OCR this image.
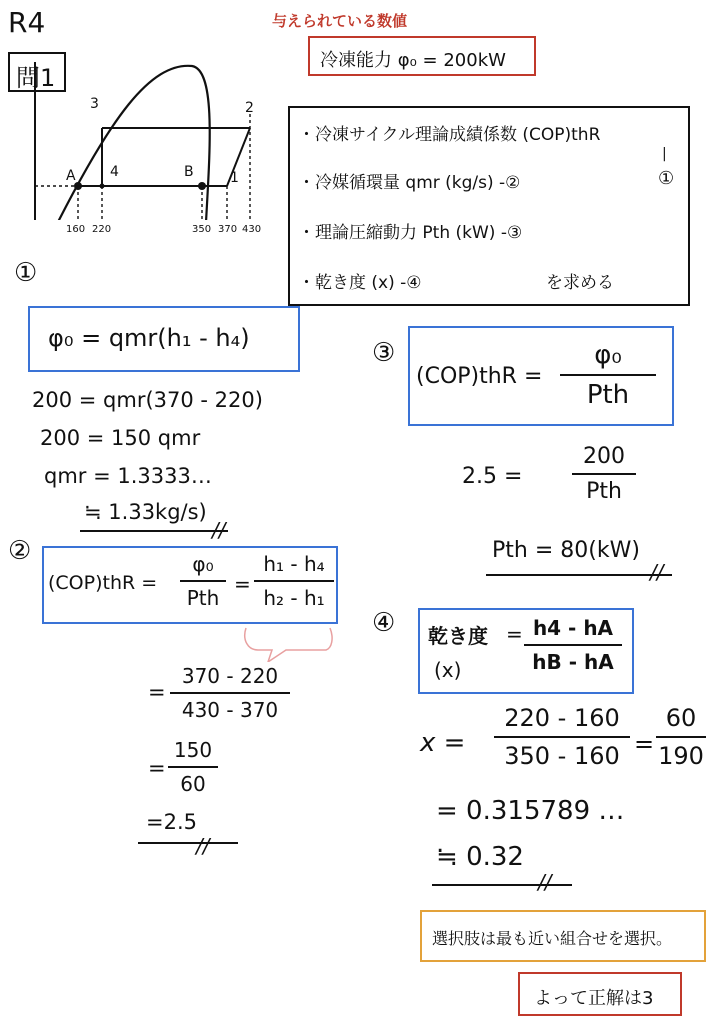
R4
問1
与えられている数値
冷凍能力 φ₀ = 200kW
A 4	B	1
3	2
160 220	350 370 430
・冷凍サイクル理論成績係数 (COP)thR
|
①
・冷媒循環量 qmr (kg/s) -②
・理論圧縮動力 Pth (kW) -③
・乾き度 (x) -④	を求める
①
φ₀ = qmr(h₁ - h₄)
200 = qmr(370 - 220)
200 = 150 qmr
qmr = 1.3333…
≒ 1.33kg/s)
//
②
(COP)thR =
φ₀
Pth
=
h₁ - h₄
h₂ - h₁
=
370 - 220
430 - 370
=
150
60
=2.5
//
③
(COP)thR =
φ₀
Pth
2.5 =
200
Pth
Pth = 80(kW)
//
④ 乾き度
(x)
= h4 - hA
hB - hA
x =
220 - 160
350 - 160 =
60
190
= 0.315789 …
≒ 0.32
//
選択肢は最も近い組合せを選択。
よって正解は3
